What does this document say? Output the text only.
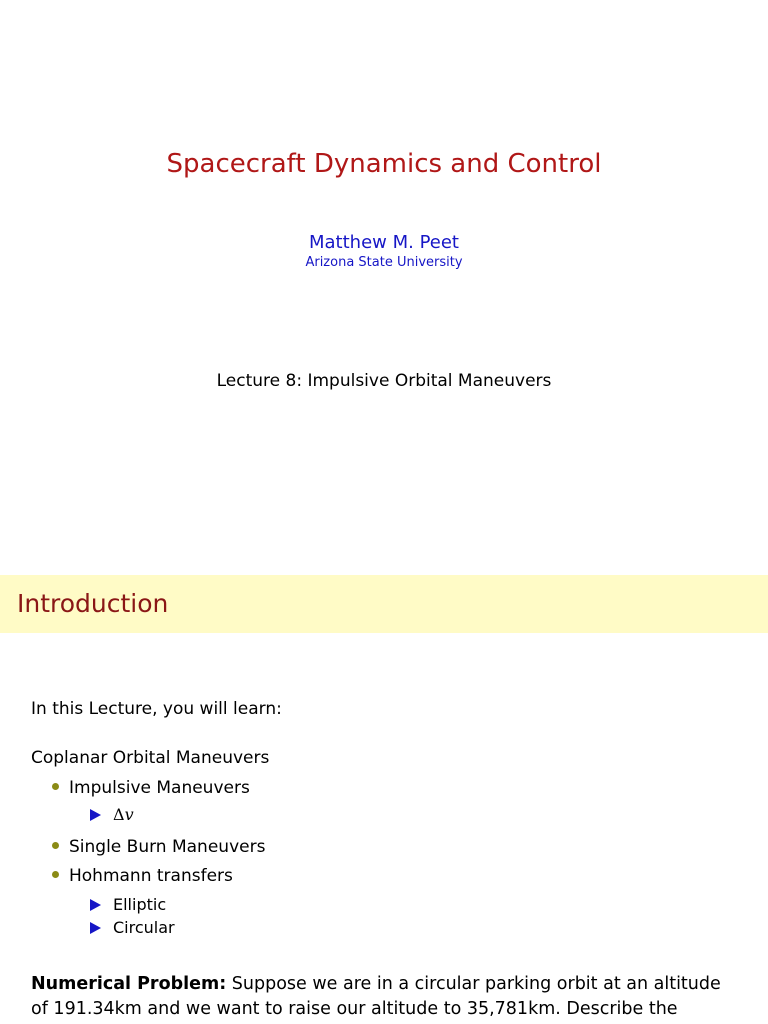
Spacecraft Dynamics and Control
Matthew M. Peet
Arizona State University
Lecture 8: Impulsive Orbital Maneuvers
Introduction
In this Lecture, you will learn:
Coplanar Orbital Maneuvers
Impulsive Maneuvers
Δv
Single Burn Maneuvers
Hohmann transfers
Elliptic
Circular
Numerical Problem: Suppose we are in a circular parking orbit at an altitude
of 191.34km and we want to raise our altitude to 35,781km. Describe the
